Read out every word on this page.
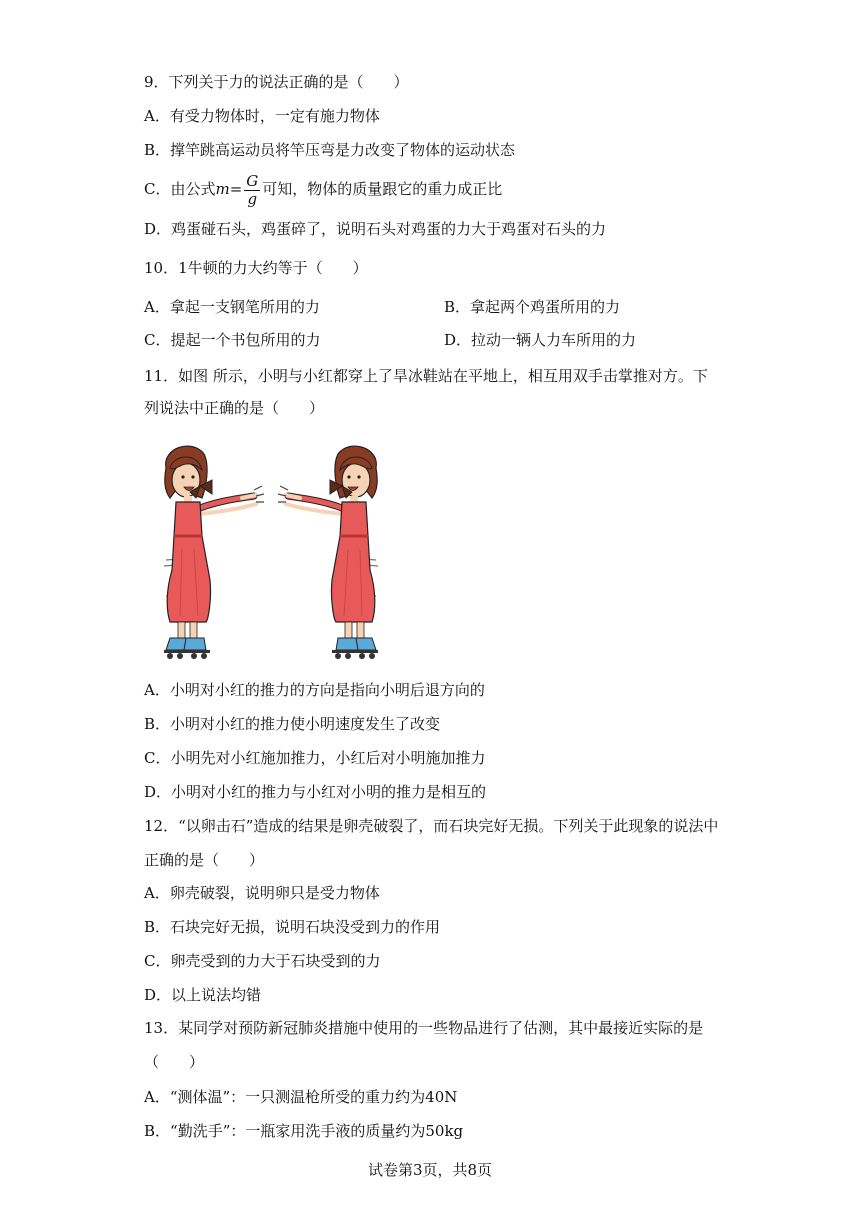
9．下列关于力的说法正确的是（　　）
A．有受力物体时，一定有施力物体
B．撑竿跳高运动员将竿压弯是力改变了物体的运动状态
C．由公式$m= \frac{G}{g}$ 可知，物体的质量跟它的重力成正比
D．鸡蛋碰石头，鸡蛋碎了，说明石头对鸡蛋的力大于鸡蛋对石头的力
10．1牛顿的力大约等于（　　）
A．拿起一支钢笔所用的力	B．拿起两个鸡蛋所用的力
C．提起一个书包所用的力	D．拉动一辆人力车所用的力
11．如图 所示，小明与小红都穿上了旱冰鞋站在平地上，相互用双手击掌推对方。下
列说法中正确的是（　　）
A．小明对小红的推力的方向是指向小明后退方向的
B．小明对小红的推力使小明速度发生了改变
C．小明先对小红施加推力，小红后对小明施加推力
D．小明对小红的推力与小红对小明的推力是相互的
12．“以卵击石”造成的结果是卵壳破裂了，而石块完好无损。下列关于此现象的说法中
正确的是（　　）
A．卵壳破裂，说明卵只是受力物体
B．石块完好无损，说明石块没受到力的作用
C．卵壳受到的力大于石块受到的力
D．以上说法均错
13．某同学对预防新冠肺炎措施中使用的一些物品进行了估测，其中最接近实际的是
（　　）
A．“测体温”：一只测温枪所受的重力约为40N
B．“勤洗手”：一瓶家用洗手液的质量约为50kg
试卷第3页，共8页
